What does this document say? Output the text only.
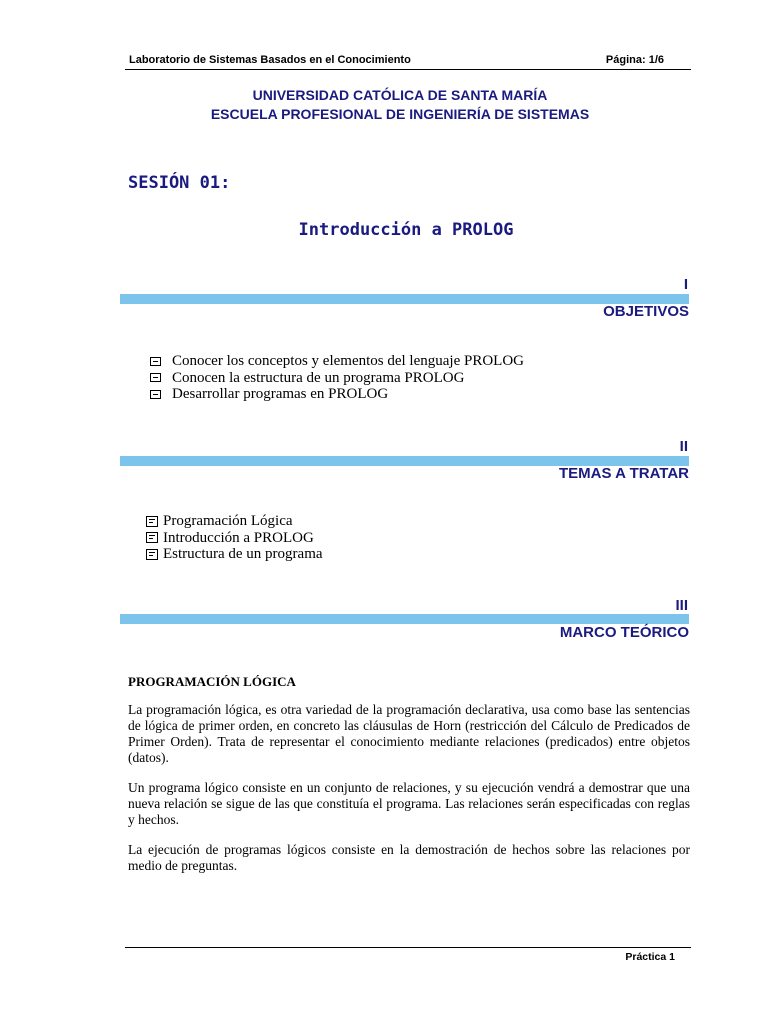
Laboratorio de Sistemas Basados en el Conocimiento	Página: 1/6
UNIVERSIDAD CATÓLICA DE SANTA MARÍA
ESCUELA PROFESIONAL DE INGENIERÍA DE SISTEMAS
SESIÓN 01:
Introducción a PROLOG
I
OBJETIVOS
Conocer los conceptos y elementos del lenguaje PROLOG
Conocen la estructura de un programa PROLOG
Desarrollar programas en PROLOG
II
TEMAS A TRATAR
Programación Lógica
Introducción a PROLOG
Estructura de un programa
III
MARCO TEÓRICO
PROGRAMACIÓN LÓGICA
La programación lógica, es otra variedad de la programación declarativa, usa como base las sentencias de lógica de primer orden, en concreto las cláusulas de Horn (restricción del Cálculo de Predicados de Primer Orden). Trata de representar el conocimiento mediante relaciones (predicados) entre objetos (datos).
Un programa lógico consiste en un conjunto de relaciones, y su ejecución vendrá a demostrar que una nueva relación se sigue de las que constituía el programa. Las relaciones serán especificadas con reglas y hechos.
La ejecución de programas lógicos consiste en la demostración de hechos sobre las relaciones por medio de preguntas.
Práctica 1
